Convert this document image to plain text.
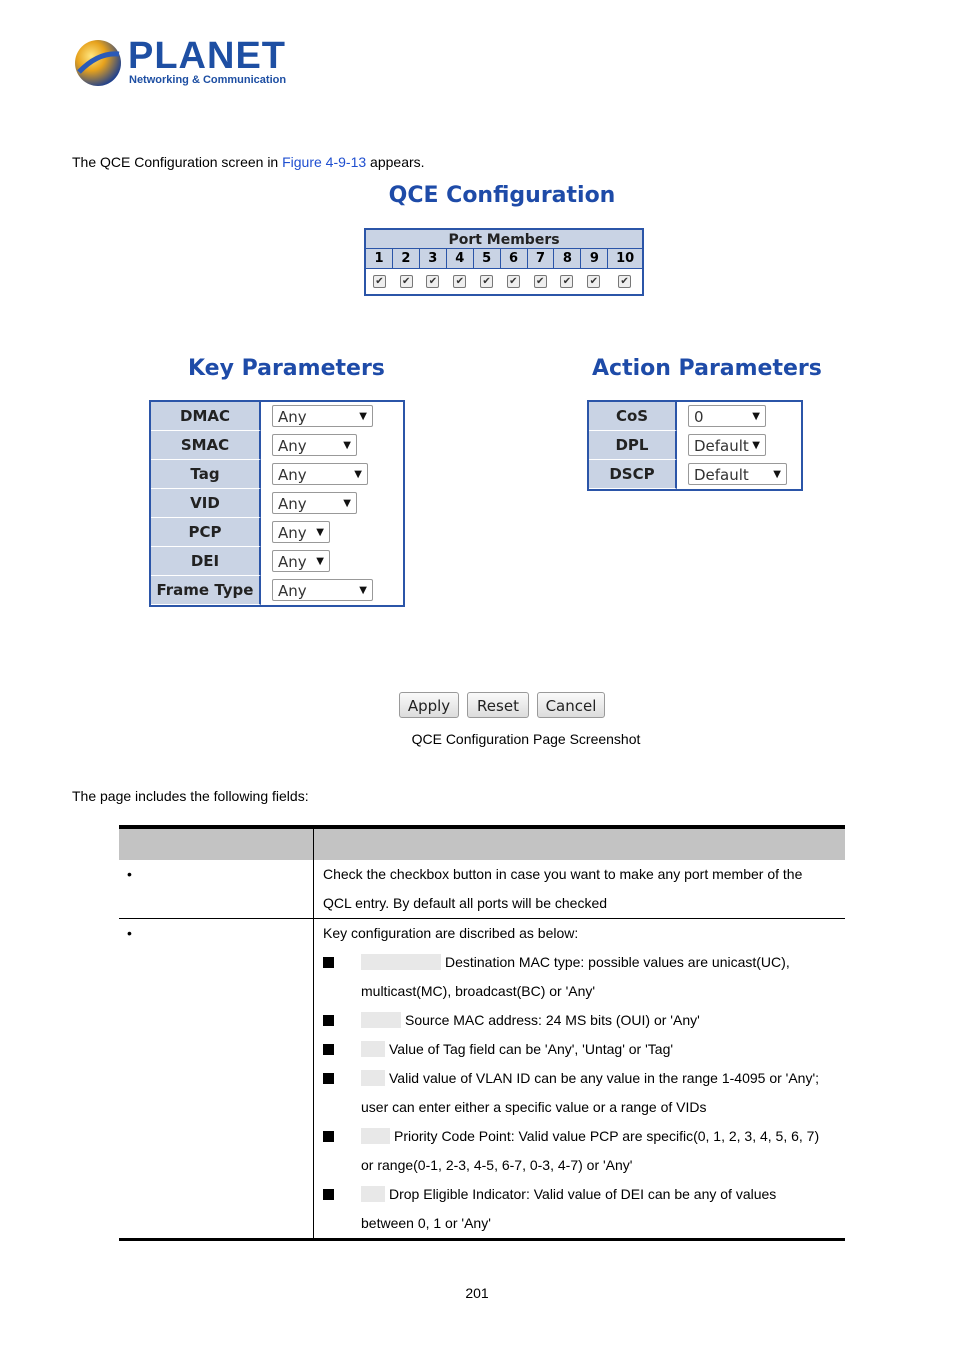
PLANET
Networking & Communication
The QCE Configuration screen in Figure 4-9-13 appears.
QCE Configuration
Port Members
1	2	3	4	5	6	7	8	9	10
✔ ✔ ✔ ✔ ✔ ✔ ✔ ✔ ✔ ✔
Key Parameters
DMAC	Any	▼
SMAC	Any	▼
Tag	Any	▼
VID	Any	▼
PCP	Any ▼
DEI	Any ▼
Frame Type	Any	▼
Action Parameters
CoS	0	▼
DPL	Default ▼
DSCP	Default ▼
Apply	Reset	Cancel
QCE Configuration Page Screenshot
The page includes the following fields:
•	Check the checkbox button in case you want to make any port member of the
QCL entry. By default all ports will be checked
•	Key configuration are discribed as below:
Destination MAC type: possible values are unicast(UC),
multicast(MC), broadcast(BC) or 'Any'
Source MAC address: 24 MS bits (OUI) or 'Any'
Value of Tag field can be 'Any', 'Untag' or 'Tag'
Valid value of VLAN ID can be any value in the range 1-4095 or 'Any';
user can enter either a specific value or a range of VIDs
Priority Code Point: Valid value PCP are specific(0, 1, 2, 3, 4, 5, 6, 7)
or range(0-1, 2-3, 4-5, 6-7, 0-3, 4-7) or 'Any'
Drop Eligible Indicator: Valid value of DEI can be any of values
between 0, 1 or 'Any'
201
